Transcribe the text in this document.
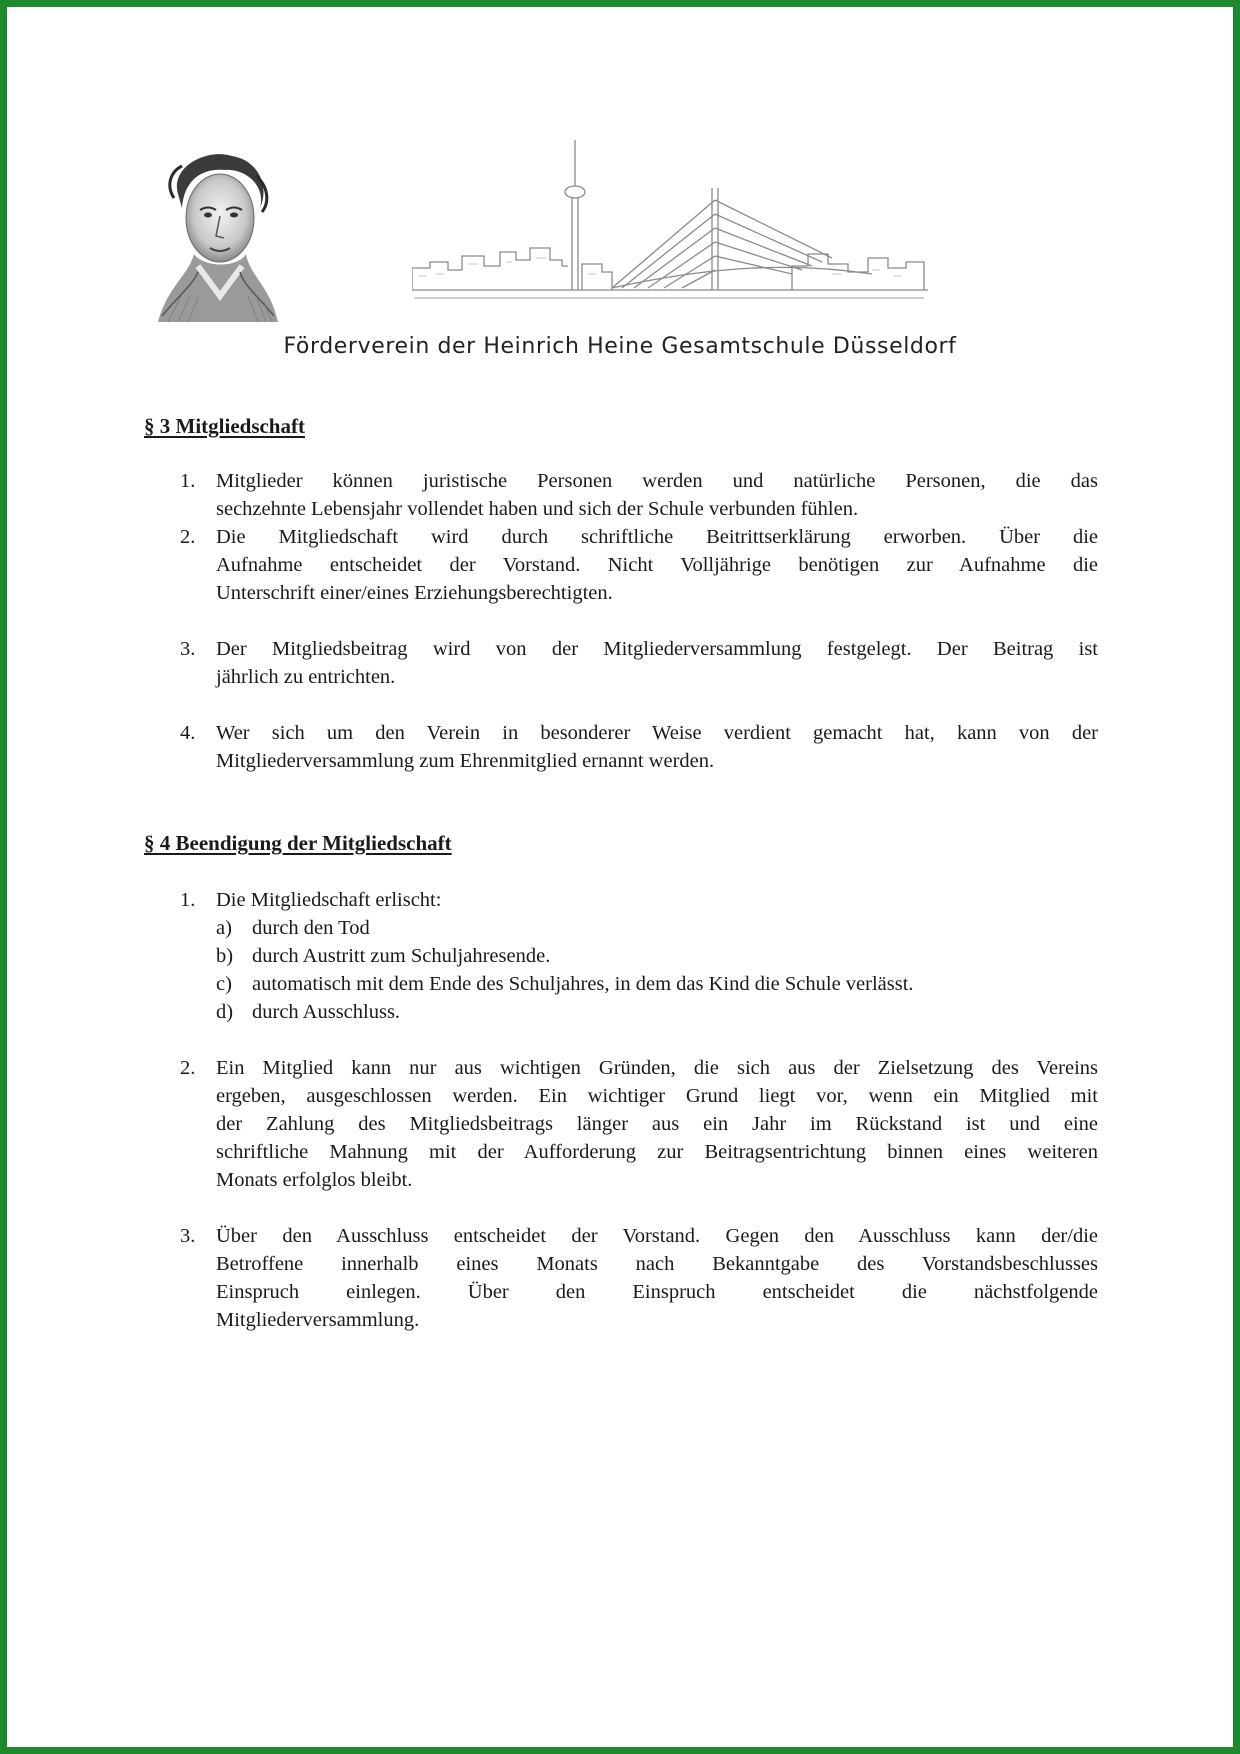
Förderverein der Heinrich Heine Gesamtschule Düsseldorf
§ 3 Mitgliedschaft
1. Mitglieder können juristische Personen werden und natürliche Personen, die das
sechzehnte Lebensjahr vollendet haben und sich der Schule verbunden fühlen.
2. Die Mitgliedschaft wird durch schriftliche Beitrittserklärung erworben. Über die
Aufnahme entscheidet der Vorstand. Nicht Volljährige benötigen zur Aufnahme die
Unterschrift einer/eines Erziehungsberechtigten.
3. Der Mitgliedsbeitrag wird von der Mitgliederversammlung festgelegt. Der Beitrag ist
jährlich zu entrichten.
4. Wer sich um den Verein in besonderer Weise verdient gemacht hat, kann von der
Mitgliederversammlung zum Ehrenmitglied ernannt werden.
§ 4 Beendigung der Mitgliedschaft
1. Die Mitgliedschaft erlischt:
a) durch den Tod
b) durch Austritt zum Schuljahresende.
c) automatisch mit dem Ende des Schuljahres, in dem das Kind die Schule verlässt.
d) durch Ausschluss.
2. Ein Mitglied kann nur aus wichtigen Gründen, die sich aus der Zielsetzung des Vereins
ergeben, ausgeschlossen werden. Ein wichtiger Grund liegt vor, wenn ein Mitglied mit
der Zahlung des Mitgliedsbeitrags länger aus ein Jahr im Rückstand ist und eine
schriftliche Mahnung mit der Aufforderung zur Beitragsentrichtung binnen eines weiteren
Monats erfolglos bleibt.
3. Über den Ausschluss entscheidet der Vorstand. Gegen den Ausschluss kann der/die
Betroffene innerhalb eines Monats nach Bekanntgabe des Vorstandsbeschlusses
Einspruch einlegen. Über den Einspruch entscheidet die nächstfolgende
Mitgliederversammlung.
